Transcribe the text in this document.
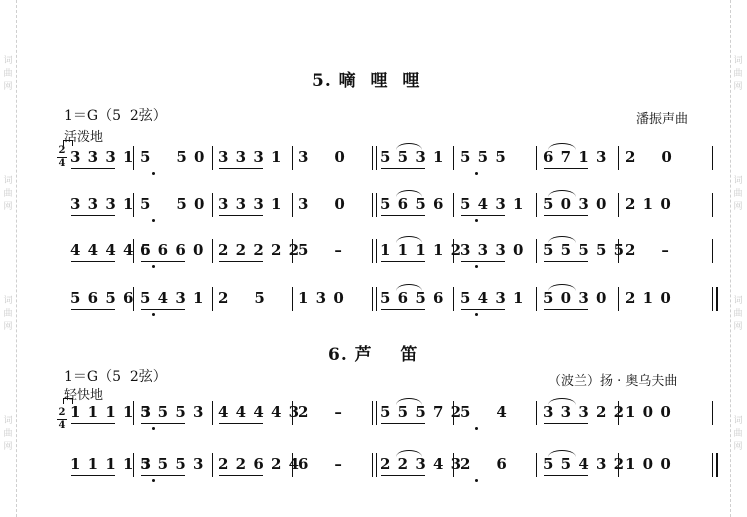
词	词
曲	曲
网	网
词	词
曲	曲
网	网
词	词
曲	曲
网	网
词	词
曲	曲
网	网
5. 嘀  哩  哩
1＝G（5  2弦）
活泼地
潘振声曲
2
4 3 3 3 1 5    5 0 3 3 3 1 3    0 5 5 3 1 5 5 5 6 7 1 3 2    0
3 3 3 1 5    5 0 3 3 3 1 3    0 5 6 5 6 5 4 3 1 5 0 3 0 2 1 0
4 4 4 4 5
6 6 6 0 2 2 2 2 2
5    – 1 1 1 1 2
3 3 3 0 5 5 5 5 5 2    –
5 6 5 6 5 4 3 1 2    5 1 3 0 5 6 5 6 5 4 3 1 5 0 3 0 2 1 0
6. 芦    笛
1＝G（5  2弦）
轻快地
（波兰）扬 · 奥乌夫曲
2
4
1 1 1 1 3
5 5 5 3 4 4 4 4 3
2    – 5 5 5 7 2
5    4 3 3 3 2 2 1 0 0
1 1 1 1 3
5 5 5 3 2 2 6 2 4
6    – 2 2 3 4 3
2    6 5 5 4 3 2 1 0 0
